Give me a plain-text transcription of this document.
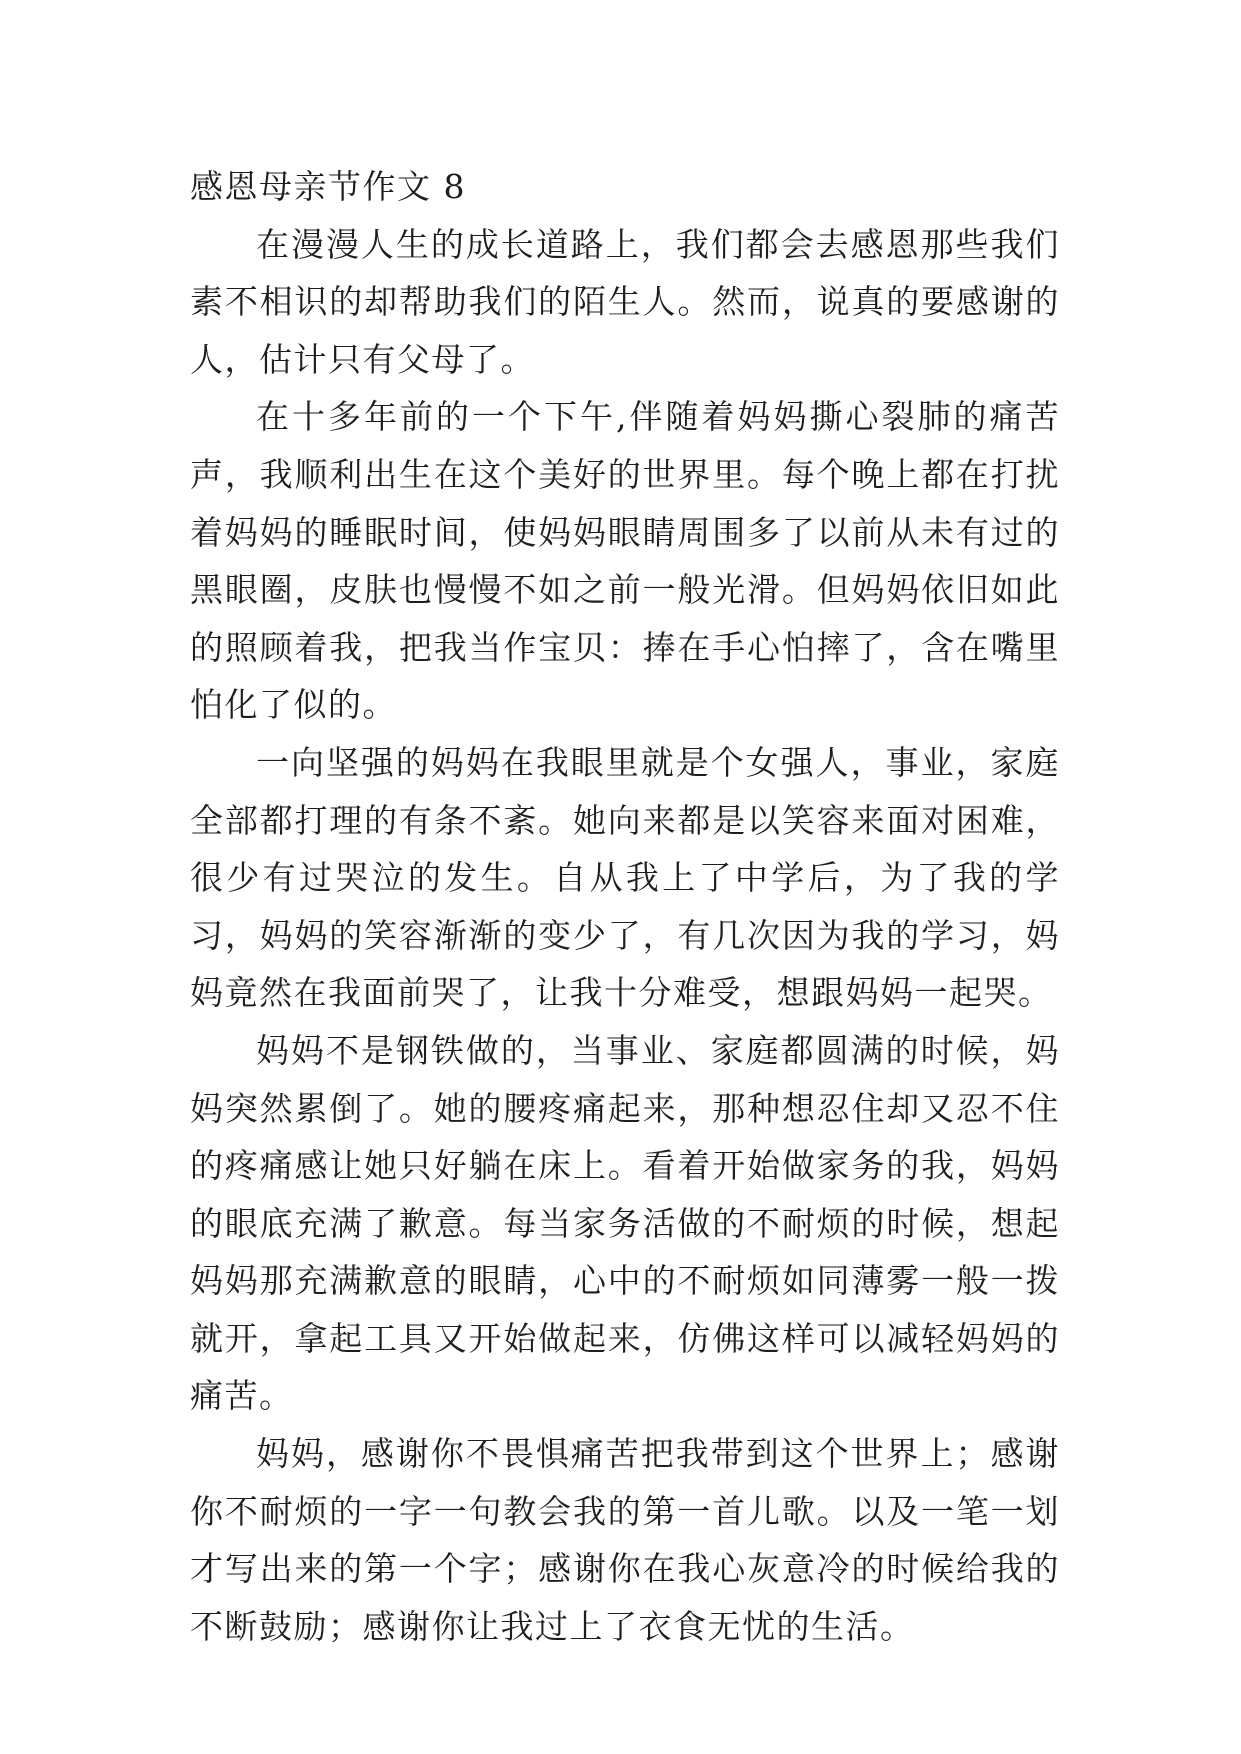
感恩母亲节作文 8

在漫漫人生的成长道路上，我们都会去感恩那些我们素不相识的却帮助我们的陌生人。然而，说真的要感谢的人，估计只有父母了。

在十多年前的一个下午,伴随着妈妈撕心裂肺的痛苦声，我顺利出生在这个美好的世界里。每个晚上都在打扰着妈妈的睡眠时间，使妈妈眼睛周围多了以前从未有过的黑眼圈，皮肤也慢慢不如之前一般光滑。但妈妈依旧如此的照顾着我，把我当作宝贝：捧在手心怕摔了，含在嘴里怕化了似的。

一向坚强的妈妈在我眼里就是个女强人，事业，家庭全部都打理的有条不紊。她向来都是以笑容来面对困难，很少有过哭泣的发生。自从我上了中学后，为了我的学习，妈妈的笑容渐渐的变少了，有几次因为我的学习，妈妈竟然在我面前哭了，让我十分难受，想跟妈妈一起哭。

妈妈不是钢铁做的，当事业、家庭都圆满的时候，妈妈突然累倒了。她的腰疼痛起来，那种想忍住却又忍不住的疼痛感让她只好躺在床上。看着开始做家务的我，妈妈的眼底充满了歉意。每当家务活做的不耐烦的时候，想起妈妈那充满歉意的眼睛，心中的不耐烦如同薄雾一般一拨就开，拿起工具又开始做起来，仿佛这样可以减轻妈妈的痛苦。

妈妈，感谢你不畏惧痛苦把我带到这个世界上；感谢你不耐烦的一字一句教会我的第一首儿歌。以及一笔一划才写出来的第一个字；感谢你在我心灰意冷的时候给我的不断鼓励；感谢你让我过上了衣食无忧的生活。
